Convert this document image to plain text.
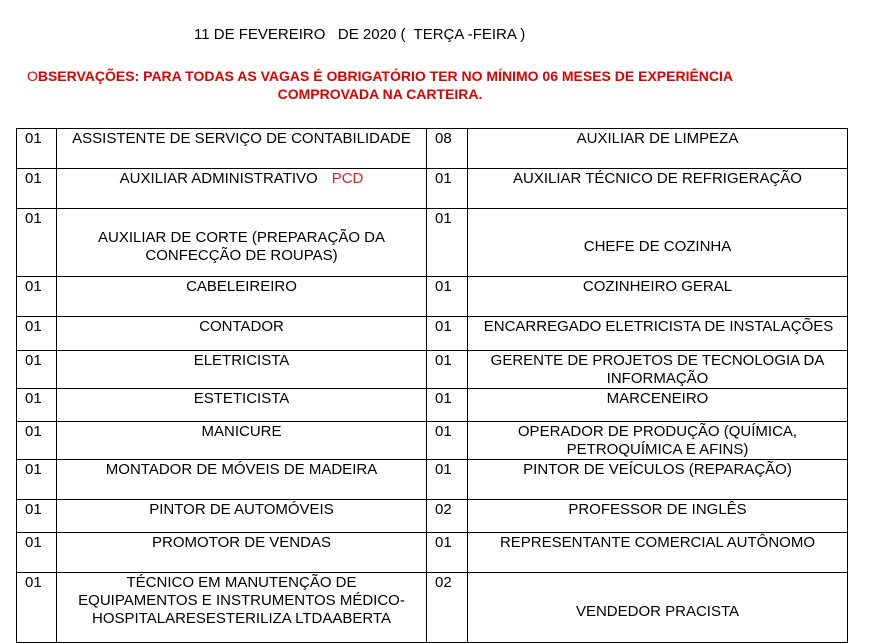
11 DE FEVEREIRO   DE 2020 (  TERÇA -FEIRA )
OBSERVAÇÕES: PARA TODAS AS VAGAS É OBRIGATÓRIO TER NO MÍNIMO 06 MESES DE EXPERIÊNCIA COMPROVADA NA CARTEIRA.
01	ASSISTENTE DE SERVIÇO DE CONTABILIDADE	08	AUXILIAR DE LIMPEZA
01	AUXILIAR ADMINISTRATIVO PCD	01	AUXILIAR TÉCNICO DE REFRIGERAÇÃO
01	AUXILIAR DE CORTE (PREPARAÇÃO DA CONFECÇÃO DE ROUPAS)	01	CHEFE DE COZINHA
01	CABELEIREIRO	01	COZINHEIRO GERAL
01	CONTADOR	01	ENCARREGADO ELETRICISTA DE INSTALAÇÕES
01	ELETRICISTA	01	GERENTE DE PROJETOS DE TECNOLOGIA DA INFORMAÇÃO
01	ESTETICISTA	01	MARCENEIRO
01	MANICURE	01	OPERADOR DE PRODUÇÃO (QUÍMICA, PETROQUÍMICA E AFINS)
01	MONTADOR DE MÓVEIS DE MADEIRA	01	PINTOR DE VEÍCULOS (REPARAÇÃO)
01	PINTOR DE AUTOMÓVEIS	02	PROFESSOR DE INGLÊS
01	PROMOTOR DE VENDAS	01	REPRESENTANTE COMERCIAL AUTÔNOMO
01	TÉCNICO EM MANUTENÇÃO DE EQUIPAMENTOS E INSTRUMENTOS MÉDICO-HOSPITALARESESTERILIZA LTDAABERTA	02	VENDEDOR PRACISTA
